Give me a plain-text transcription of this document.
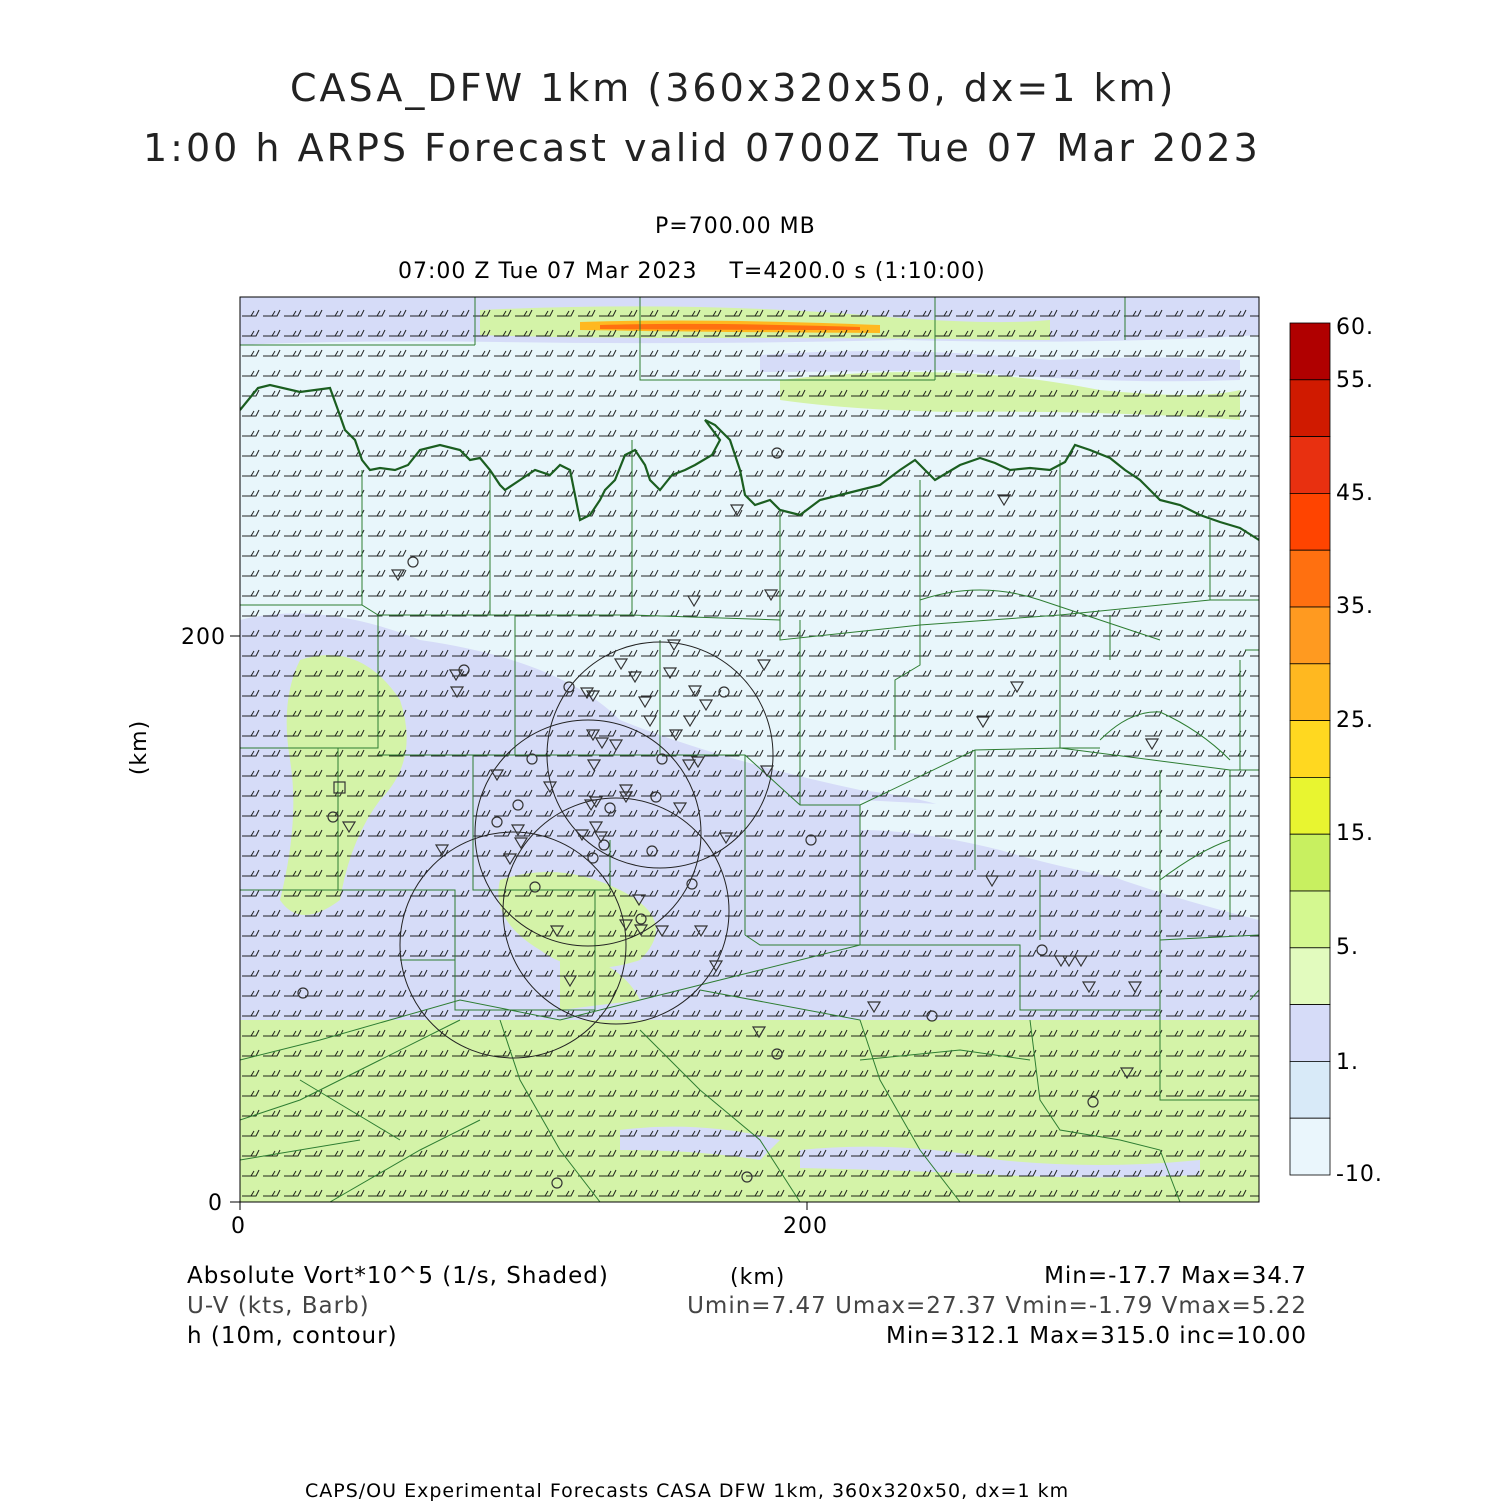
CASA_DFW 1km (360x320x50, dx=1 km)
1:00 h ARPS Forecast valid 0700Z Tue 07 Mar 2023
P=700.00 MB
07:00 Z Tue 07 Mar 2023    T=4200.0 s (1:10:00)
(km)
200
0
0	200
(km)
60.
55.
45.
35.
25.
15.
5.
1.
-10.
Absolute Vort*10^5 (1/s, Shaded)	Min=-17.7 Max=34.7
U-V (kts, Barb)	Umin=7.47 Umax=27.37 Vmin=-1.79 Vmax=5.22
h (10m, contour)	Min=312.1 Max=315.0 inc=10.00
CAPS/OU Experimental Forecasts CASA DFW 1km, 360x320x50, dx=1 km
